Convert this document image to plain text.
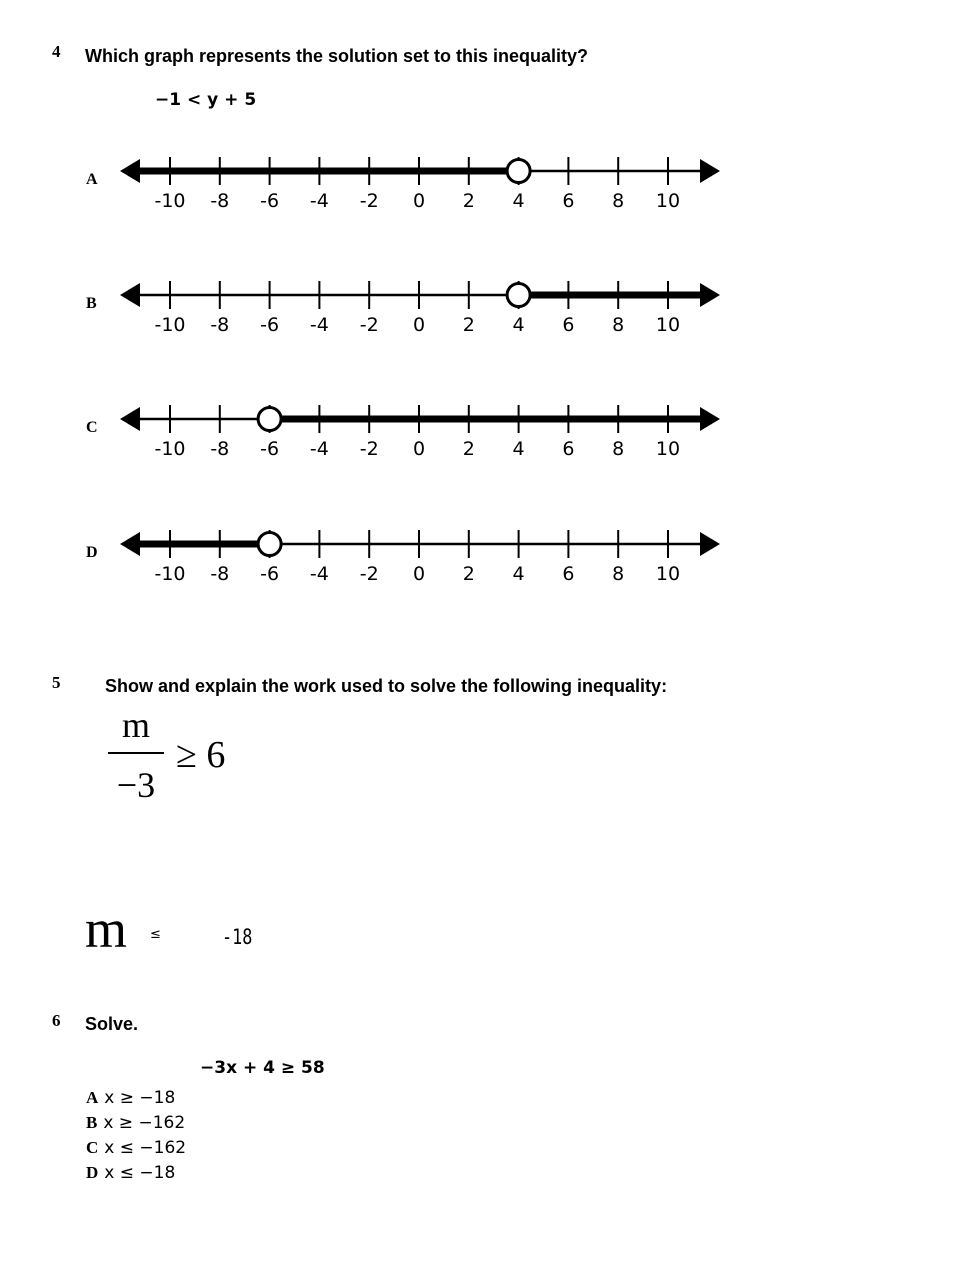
4 Which graph represents the solution set to this inequality?
−1 < y + 5
A
-10 -8 -6 -4 -2 0 2 4 6 8 10
B
-10 -8 -6 -4 -2 0 2 4 6 8 10
C
-10 -8 -6 -4 -2 0 2 4 6 8 10
D
-10 -8 -6 -4 -2 0 2 4 6 8 10
5 Show and explain the work used to solve the following inequality:
m
−3
≥ 6
m ≤	-18
6 Solve.
−3x + 4 ≥ 58
A x ≥ −18
B x ≥ −162
C x ≤ −162
D x ≤ −18
